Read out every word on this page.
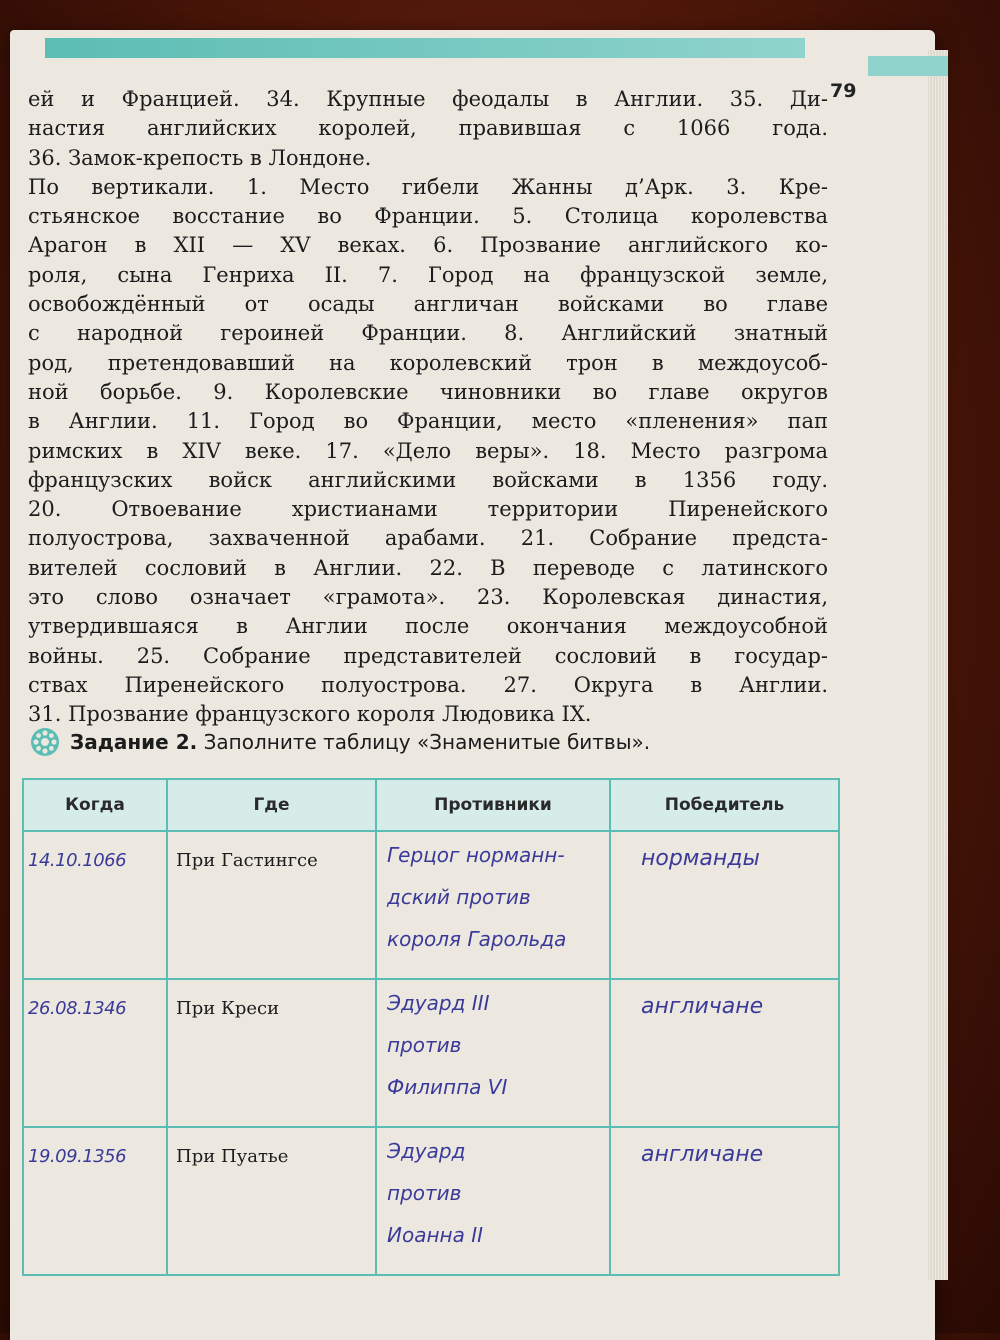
79
ей и Францией. 34. Крупные феодалы в Англии. 35. Ди-
настия английских королей, правившая с 1066 года.
36. Замок-крепость в Лондоне.
По вертикали. 1. Место гибели Жанны д’Арк. 3. Кре-
стьянское восстание во Франции. 5. Столица королевства
Арагон в XII — XV веках. 6. Прозвание английского ко-
роля, сына Генриха II. 7. Город на французской земле,
освобождённый от осады англичан войсками во главе
с народной героиней Франции. 8. Английский знатный
род, претендовавший на королевский трон в междоусоб-
ной борьбе. 9. Королевские чиновники во главе округов
в Англии. 11. Город во Франции, место «пленения» пап
римских в XIV веке. 17. «Дело веры». 18. Место разгрома
французских войск английскими войсками в 1356 году.
20. Отвоевание христианами территории Пиренейского
полуострова, захваченной арабами. 21. Собрание предста-
вителей сословий в Англии. 22. В переводе с латинского
это слово означает «грамота». 23. Королевская династия,
утвердившаяся в Англии после окончания междоусобной
войны. 25. Собрание представителей сословий в государ-
ствах Пиренейского полуострова. 27. Округа в Англии.
31. Прозвание французского короля Людовика IX.
Задание 2. Заполните таблицу «Знаменитые битвы».
Когда	Где	Противники	Победитель
14.10.1066	При Гастингсе	Герцог норманн-
дский против
короля Гарольда	норманды
26.08.1346	При Креси	Эдуард III
против
Филиппа VI	англичане
19.09.1356	При Пуатье	Эдуард
против
Иоанна II	англичане
